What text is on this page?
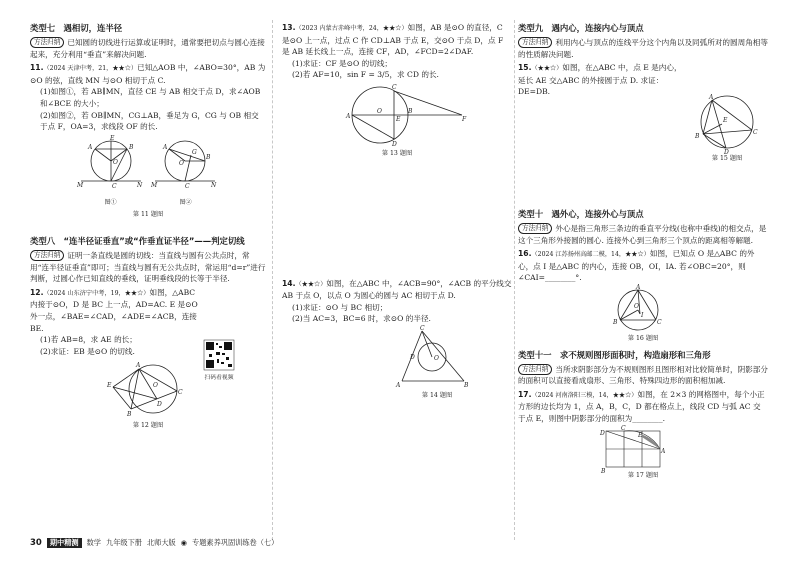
类型七　遇相切，连半径

方法归纳 已知圆的切线进行运算或证明时，通常要把切点与圆心连接起来，充分利用“垂直”来解决问题.

11.（2024 天津中考，21，★★☆）已知△AOB 中，∠ABO=30°，AB 为⊙O 的弦，直线 MN 与⊙O 相切于点 C.

(1)如图①，若 AB∥MN，直径 CE 与 AB 相交于点 D，求∠AOB 和∠BCE 的大小；

(2)如图②，若 OB∥MN，CG⊥AB，垂足为 G，CG 与 OB 相交于点 F，OA=3，求线段 OF 的长.

A	B
E
O
C
M	N
A
B
O
C
G
M	N
图①	图②

第 11 题图

类型八　“连半径证垂直”或“作垂直证半径”——判定切线

方法归纳 证明一条直线是圆的切线：当直线与圆有公共点时，常用“连半径证垂直”即可；当直线与圆有无公共点时，常运用“d=r”进行判断，过圆心作已知直线的垂线，证明垂线段的长等于半径.

12.（2024 山东济宁中考，19，★★☆）如图，△ABC 内接于⊙O，D 是 BC 上一点，AD=AC. E 是⊙O 外一点，∠BAE=∠CAD，∠ADE=∠ACB，连接 BE.

(1)若 AB=8，求 AE 的长；

(2)求证：EB 是⊙O 的切线.

A
B
C
D
E	O

第 12 题图

扫码看视频

13.（2023 内蒙古赤峰中考，24，★★☆）如图，AB 是⊙O 的直径，C 是⊙O 上一点，过点 C 作 CD⊥AB 于点 E，交⊙O 于点 D，点 F 是 AB 延长线上一点，连接 CF，AD，∠FCD=2∠DAF.

(1)求证：CF 是⊙O 的切线；

(2)若 AF=10，sin F = 3/5，求 CD 的长.

A
B
C
D
E
O
F

第 13 题图

14.（★★☆）如图，在△ABC 中，∠ACB=90°，∠ACB 的平分线交 AB 于点 O，以点 O 为圆心的圆与 AC 相切于点 D.

(1)求证：⊙O 与 BC 相切；

(2)当 AC=3，BC=6 时，求⊙O 的半径.

C
A	B
O
D

第 14 题图

类型九　遇内心，连接内心与顶点

方法归纳 利用内心与顶点的连线平分这个内角以及同弧所对的圆周角相等的性质解决问题.

15.（★★☆）如图，在△ABC 中，点 E 是内心，延长 AE 交△ABC 的外接圆于点 D. 求证：DE=DB.

A
B
C
D
E

第 15 题图

类型十　遇外心，连接外心与顶点

方法归纳 外心是指三角形三条边的垂直平分线(也称中垂线)的相交点，是这个三角形外接圆的圆心. 连接外心到三角形三个顶点的距离相等解题.

16.（2024 江苏扬州高邮二模，14，★★☆）如图，已知点 O 是△ABC 的外心，点 I 是△ABC 的内心，连接 OB，OI，IA. 若∠OBC=20°，则∠CAI=________°.

A
B	C
O
I

第 16 题图

类型十一　求不规则图形面积时，构造扇形和三角形

方法归纳 当所求阴影部分为不规则图形且图形相对比较简单时，阴影部分的面积可以直接看成扇形、三角形、特殊四边形的面积相加减.

17.（2024 河南洛阳三模，14，★★☆）如图，在 2×3 的网格图中，每个小正方形的边长均为 1，点 A，B，C，D 都在格点上，线段 CD 与弧 AC 交于点 E，则图中阴影部分的面积为________.

B
D
A
C
E

第 17 题图

30	期中精测	数学 九年级下册 北师大版 ◉ 专题素养巩固训练卷（七）
